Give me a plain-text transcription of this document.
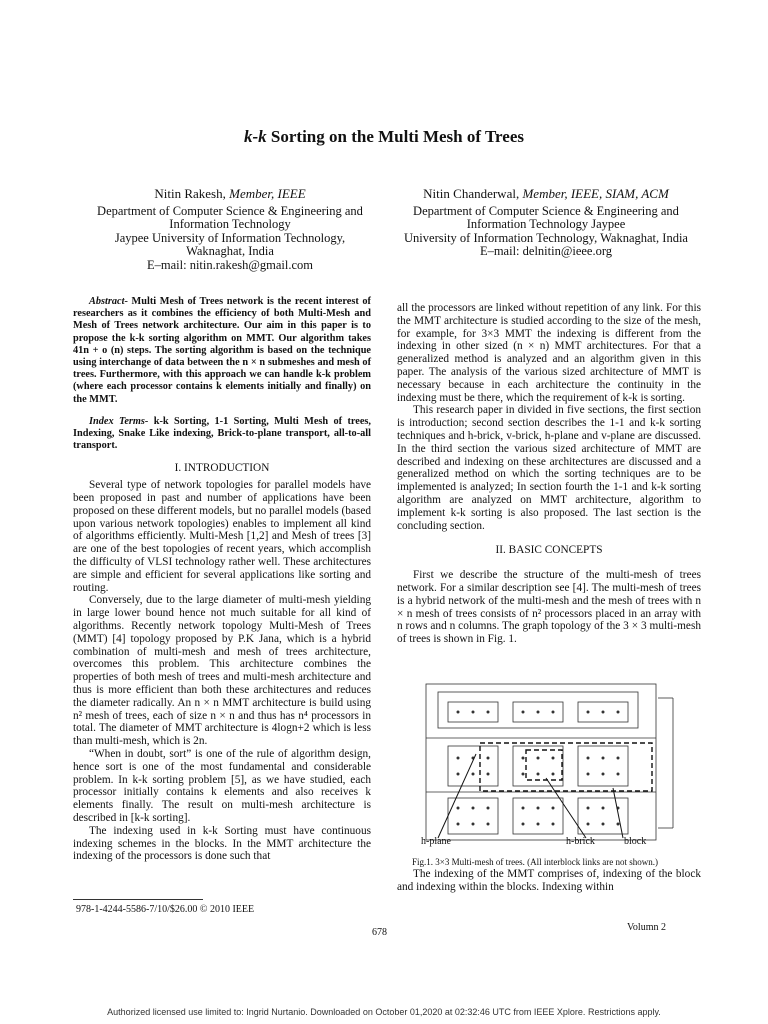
k-k Sorting on the Multi Mesh of Trees
Nitin Rakesh, Member, IEEE
Department of Computer Science & Engineering and
Information Technology
Jaypee University of Information Technology,
Waknaghat, India
E–mail: nitin.rakesh@gmail.com
Nitin Chanderwal, Member, IEEE, SIAM, ACM
Department of Computer Science & Engineering and
Information Technology Jaypee
University of Information Technology, Waknaghat, India
E–mail: delnitin@ieee.org

Abstract- Multi Mesh of Trees network is the recent interest of researchers as it combines the efficiency of both Multi-Mesh and Mesh of Trees network architecture. Our aim in this paper is to propose the k-k sorting algorithm on MMT. Our algorithm takes 41n + o (n) steps. The sorting algorithm is based on the technique using interchange of data between the n × n submeshes and mesh of trees. Furthermore, with this approach we can handle k-k problem (where each processor contains k elements initially and finally) on the MMT.

Index Terms- k-k Sorting, 1-1 Sorting, Multi Mesh of trees, Indexing, Snake Like indexing, Brick-to-plane transport, all-to-all transport.

I. INTRODUCTION

Several type of network topologies for parallel models have been proposed in past and number of applications have been proposed on these different models, but no parallel models (based upon various network topologies) enables to implement all kind of algorithms efficiently. Multi-Mesh [1,2] and Mesh of trees [3] are one of the best topologies of recent years, which accomplish the difficulty of VLSI technology rather well. These architectures are simple and efficient for several applications like sorting and routing.

Conversely, due to the large diameter of multi-mesh yielding in large lower bound hence not much suitable for all kind of algorithms. Recently network topology Multi-Mesh of Trees (MMT) [4] topology proposed by P.K Jana, which is a hybrid combination of multi-mesh and mesh of trees architecture, overcomes this problem. This architecture combines the properties of both mesh of trees and multi-mesh architecture and thus is more efficient than both these architectures and reduces the diameter radically. An n × n MMT architecture is build using n² mesh of trees, each of size n × n and thus has n⁴ processors in total. The diameter of MMT architecture is 4logn+2 which is less than multi-mesh, which is 2n.

“When in doubt, sort” is one of the rule of algorithm design, hence sort is one of the most fundamental and considerable problem. In k-k sorting problem [5], as we have studied, each processor initially contains k elements and also receives k elements finally. The result on multi-mesh architecture is described in [k-k sorting].

The indexing used in k-k Sorting must have continuous indexing schemes in the blocks. In the MMT architecture the indexing of the processors is done such that

all the processors are linked without repetition of any link. For this the MMT architecture is studied according to the size of the mesh, for example, for 3×3 MMT the indexing is different from the indexing in other sized (n × n) MMT architectures. For that a generalized method is analyzed and an algorithm given in this paper. The analysis of the various sized architecture of MMT is necessary because in each architecture the continuity in the indexing must be there, which the requirement of k-k is sorting.

This research paper in divided in five sections, the first section is introduction; second section describes the 1-1 and k-k sorting techniques and h-brick, v-brick, h-plane and v-plane are discussed. In the third section the various sized architecture of MMT are described and indexing on these architectures are discussed and a generalized method on which the sorting techniques are to be implemented is analyzed; In section fourth the 1-1 and k-k sorting algorithm are analyzed on MMT architecture, algorithm to implement k-k sorting is also proposed. The last section is the concluding section.

II. BASIC CONCEPTS

First we describe the structure of the multi-mesh of trees network. For a similar description see [4]. The multi-mesh of trees is a hybrid network of the multi-mesh and the mesh of trees with n × n mesh of trees consists of n² processors placed in an array with n rows and n columns. The graph topology of the 3 × 3 multi-mesh of trees is shown in Fig. 1.

h-plane	h-brick	block
Fig.1. 3×3 Multi-mesh of trees. (All interblock links are not shown.)

The indexing of the MMT comprises of, indexing of the block and indexing within the blocks. Indexing within

978-1-4244-5586-7/10/$26.00 © 2010 IEEE
678	Volumn 2
Authorized licensed use limited to: Ingrid Nurtanio. Downloaded on October 01,2020 at 02:32:46 UTC from IEEE Xplore. Restrictions apply.
